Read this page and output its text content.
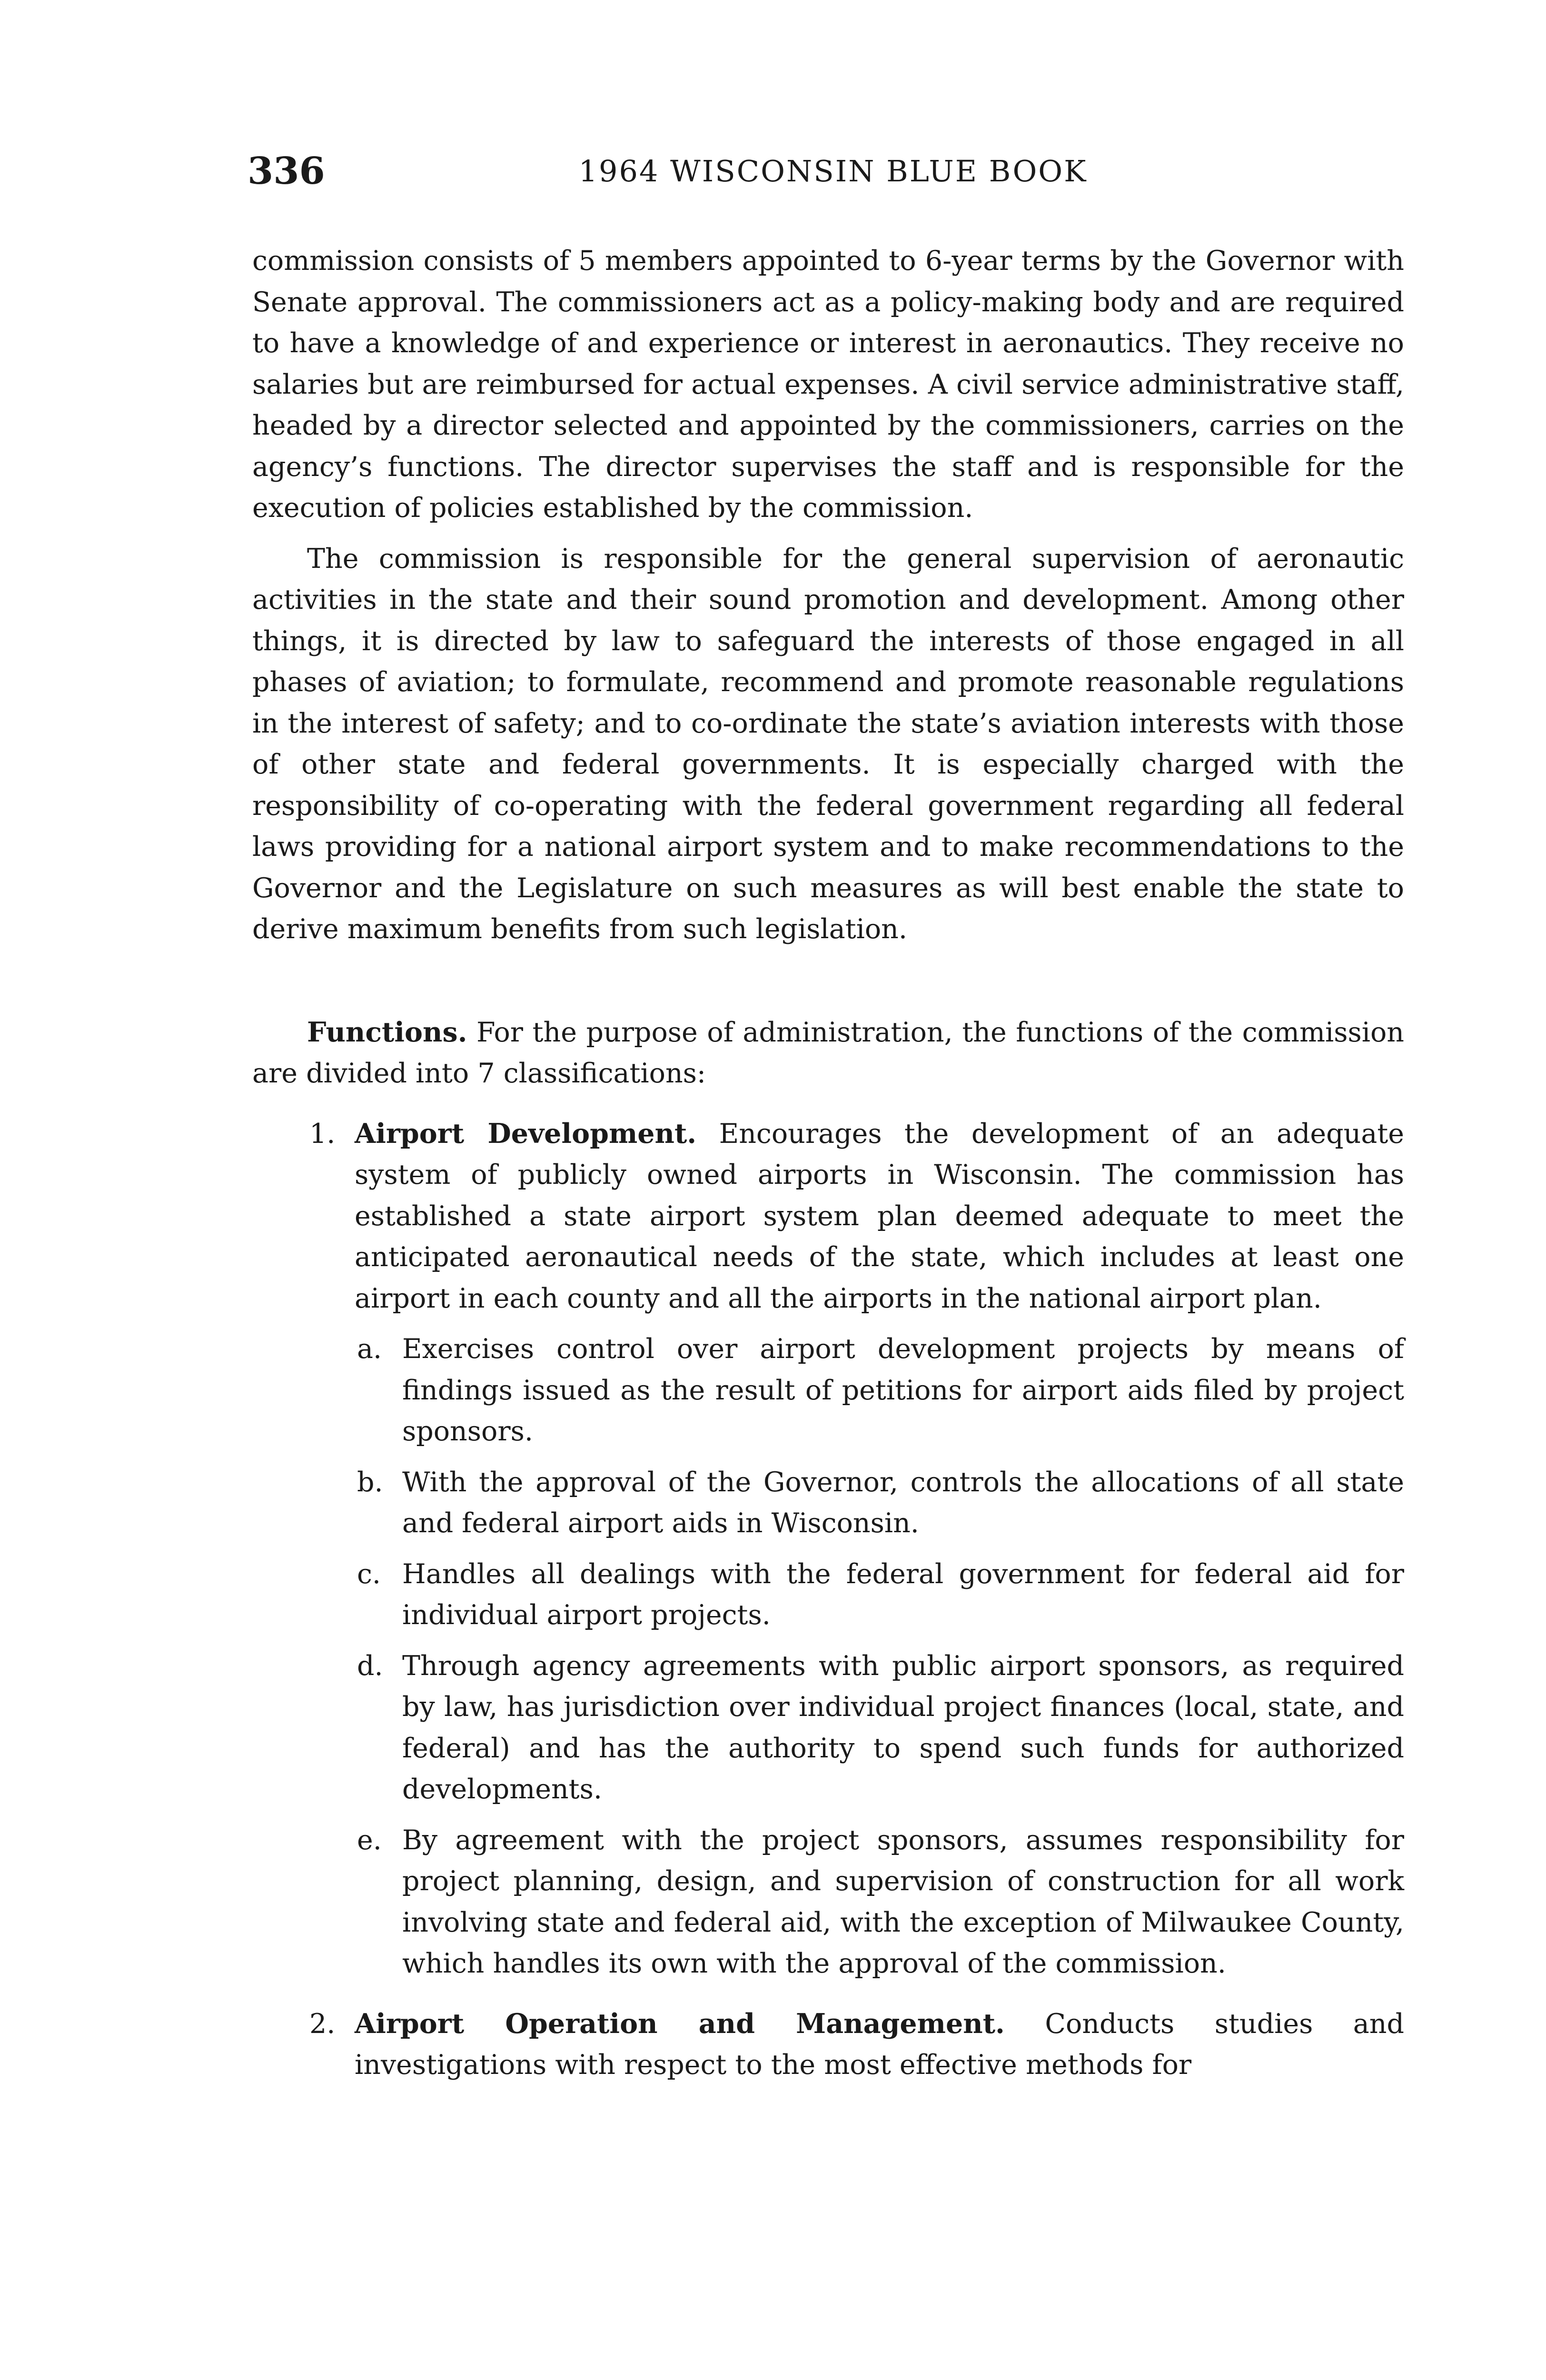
336	1964 WISCONSIN BLUE BOOK

commission consists of 5 members appointed to 6-year terms by the Governor with Senate approval. The commissioners act as a policy-making body and are required to have a knowledge of and experience or interest in aeronautics. They receive no salaries but are reimbursed for actual expenses. A civil service administrative staff, headed by a director selected and appointed by the commissioners, carries on the agency’s functions. The director supervises the staff and is responsible for the execution of policies established by the commission.

The commission is responsible for the general supervision of aeronautic activities in the state and their sound promotion and development. Among other things, it is directed by law to safeguard the interests of those engaged in all phases of aviation; to formulate, recommend and promote reasonable regulations in the interest of safety; and to co-ordinate the state’s aviation interests with those of other state and federal governments. It is especially charged with the responsibility of co-operating with the federal government regarding all federal laws providing for a national airport system and to make recommendations to the Governor and the Legislature on such measures as will best enable the state to derive maximum benefits from such legislation.

Functions. For the purpose of administration, the functions of the commission are divided into 7 classifications:

1. Airport Development. Encourages the development of an adequate system of publicly owned airports in Wisconsin. The commission has established a state airport system plan deemed adequate to meet the anticipated aeronautical needs of the state, which includes at least one airport in each county and all the airports in the national airport plan.
a. Exercises control over airport development projects by means of findings issued as the result of petitions for airport aids filed by project sponsors.
b. With the approval of the Governor, controls the allocations of all state and federal airport aids in Wisconsin.
c. Handles all dealings with the federal government for federal aid for individual airport projects.
d. Through agency agreements with public airport sponsors, as required by law, has jurisdiction over individual project finances (local, state, and federal) and has the authority to spend such funds for authorized developments.
e. By agreement with the project sponsors, assumes responsibility for project planning, design, and supervision of construction for all work involving state and federal aid, with the exception of Milwaukee County, which handles its own with the approval of the commission.
2. Airport Operation and Management. Conducts studies and investigations with respect to the most effective methods for
